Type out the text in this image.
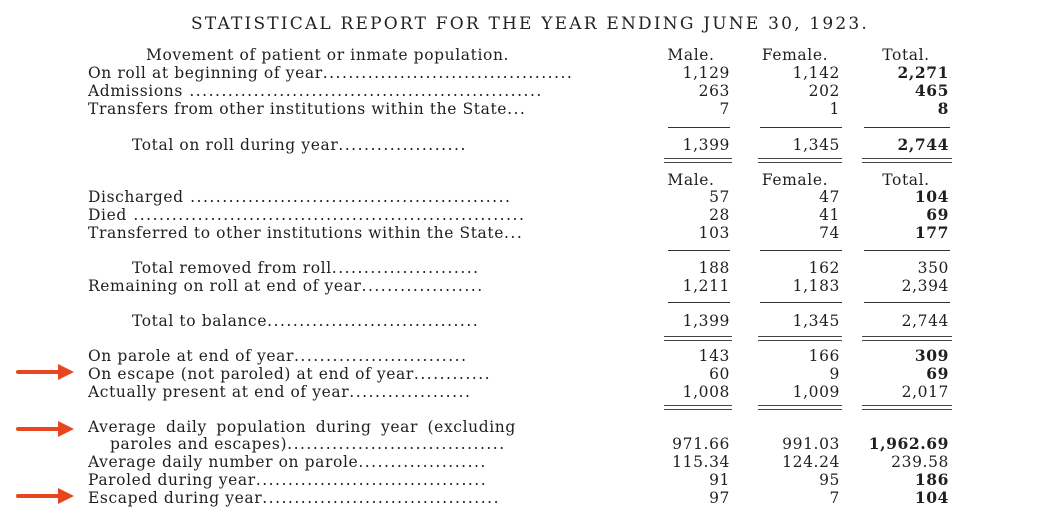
STATISTICAL REPORT FOR THE YEAR ENDING JUNE 30, 1923.
Movement of patient or inmate population.	Male.	Female.	Total.
On roll at beginning of year.......................................	1,129	1,142	2,271
Admissions .......................................................	263	202	465
Transfers from other institutions within the State...	7	1	8
Total on roll during year....................	1,399	1,345	2,744
Male.	Female.	Total.
Discharged ..................................................	57	47	104
Died .............................................................	28	41	69
Transferred to other institutions within the State...	103	74	177
Total removed from roll.......................	188	162	350
Remaining on roll at end of year...................	1,211	1,183	2,394
Total to balance.................................	1,399	1,345	2,744
On parole at end of year...........................	143	166	309
On escape (not paroled) at end of year............	60	9	69
Actually present at end of year...................	1,008	1,009	2,017
Average daily population during year (excluding
paroles and escapes)..................................	971.66	991.03	1,962.69
Average daily number on parole....................	115.34	124.24	239.58
Paroled during year....................................	91	95	186
Escaped during year.....................................	97	7	104
